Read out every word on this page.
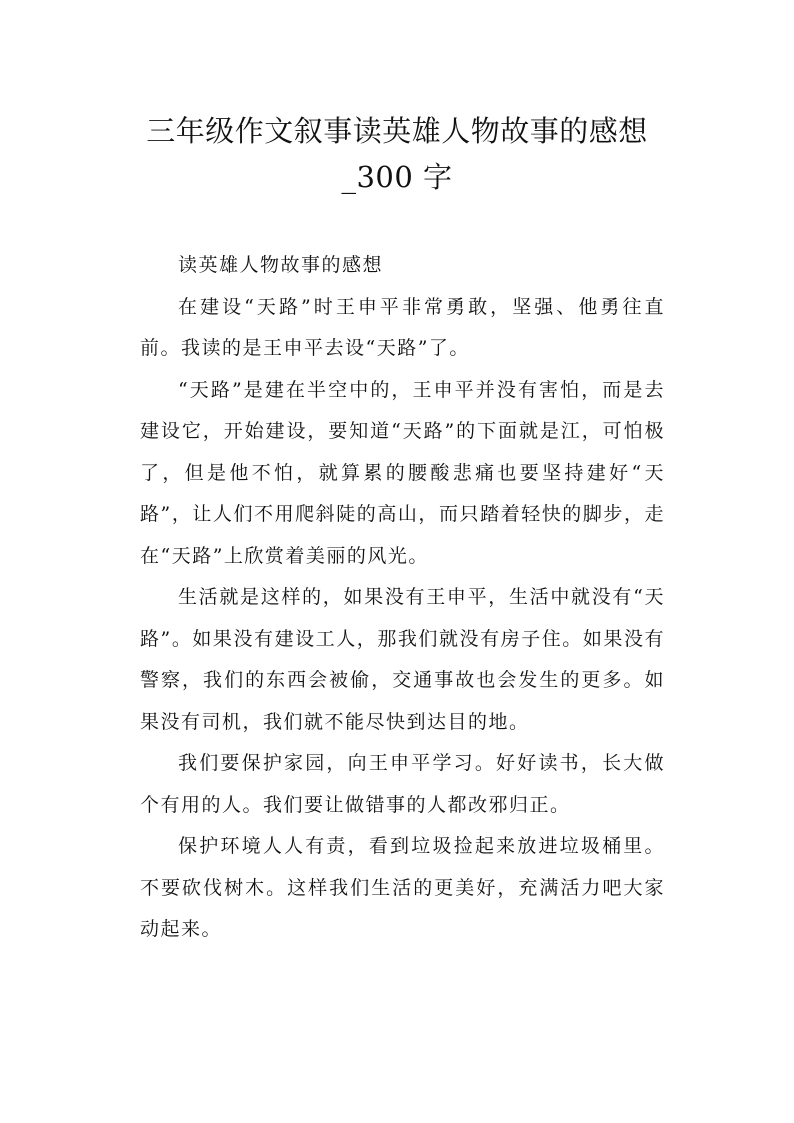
三年级作文叙事读英雄人物故事的感想
_300 字

读英雄人物故事的感想

在建设“天路”时王申平非常勇敢，坚强、他勇往直前。我读的是王申平去设“天路”了。

“天路”是建在半空中的，王申平并没有害怕，而是去建设它，开始建设，要知道“天路”的下面就是江，可怕极了，但是他不怕，就算累的腰酸悲痛也要坚持建好“天路”，让人们不用爬斜陡的高山，而只踏着轻快的脚步，走在“天路”上欣赏着美丽的风光。

生活就是这样的，如果没有王申平，生活中就没有“天路”。如果没有建设工人，那我们就没有房子住。如果没有警察，我们的东西会被偷，交通事故也会发生的更多。如果没有司机，我们就不能尽快到达目的地。

我们要保护家园，向王申平学习。好好读书，长大做个有用的人。我们要让做错事的人都改邪归正。

保护环境人人有责，看到垃圾捡起来放进垃圾桶里。不要砍伐树木。这样我们生活的更美好，充满活力吧大家动起来。
